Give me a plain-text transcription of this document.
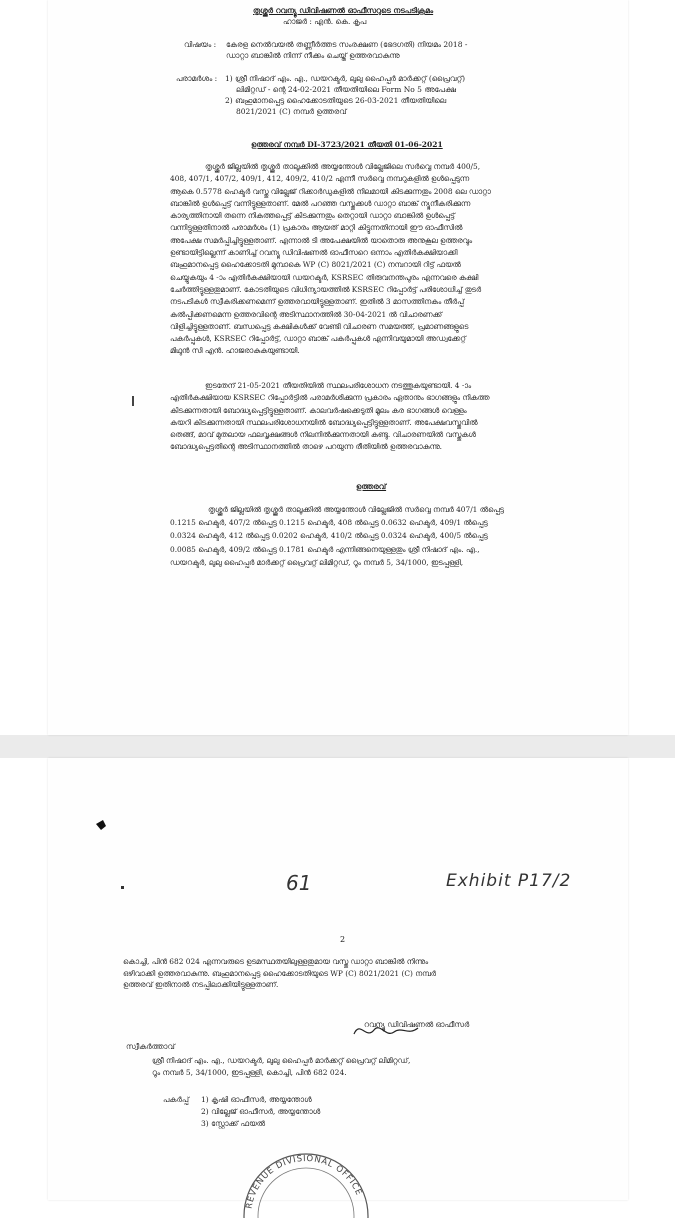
തൃശ്ശൂർ റവന്യൂ ഡിവിഷണൽ ഓഫീസറുടെ നടപടിക്രമം
ഹാജർ : എൻ. കെ. കൃപ
വിഷയം : കേരള നെൽവയൽ തണ്ണീർത്തട സംരക്ഷണ (ഭേദഗതി) നിയമം 2018 -
ഡാറ്റാ ബാങ്കിൽ നിന്ന് നീക്കം ചെയ്ത് ഉത്തരവാകുന്നു
പരാമർശം : 1) ശ്രീ നിഷാദ് എം. എ., ഡയറക്ടർ, ലുലു ഹൈപ്പർ മാർക്കറ്റ് (പ്രൈവറ്റ്)
ലിമിറ്റഡ് - ന്റെ 24-02-2021 തീയതിയിലെ Form No 5 അപേക്ഷ
2) ബഹുമാനപ്പെട്ട ഹൈക്കോടതിയുടെ 26-03-2021 തീയതിയിലെ
8021/2021 (C) നമ്പർ ഉത്തരവ്
ഉത്തരവ് നമ്പർ DI-3723/2021 തീയതി 01-06-2021
തൃശ്ശൂർ ജില്ലയിൽ തൃശ്ശൂർ താലൂക്കിൽ അയ്യന്തോൾ വില്ലേജിലെ സർവ്വെ നമ്പർ 400/5,
408, 407/1, 407/2, 409/1, 412, 409/2, 410/2 എന്നീ സർവ്വെ നമ്പറുകളിൽ ഉൾപ്പെടുന്ന
ആകെ 0.5778 ഹെക്ടർ വസ്തു വില്ലേജ് റിക്കാർഡുകളിൽ നിലമായി കിടക്കുന്നതും 2008 ലെ ഡാറ്റാ
ബാങ്കിൽ ഉൾപ്പെട്ട് വന്നിട്ടുള്ളതാണ്. മേൽ പറഞ്ഞ വസ്തുക്കൾ ഡാറ്റാ ബാങ്ക് ന്യൂനീകരിക്കുന്ന
കാര്യത്തിനായി തന്നെ നികത്തപ്പെട്ട് കിടക്കുന്നതും തെറ്റായി ഡാറ്റാ ബാങ്കിൽ ഉൾപ്പെട്ട്
വന്നിട്ടുള്ളതിനാൽ പരാമർശം (1) പ്രകാരം ആയത് മാറ്റി കിട്ടുന്നതിനായി ഈ ഓഫീസിൽ
അപേക്ഷ സമർപ്പിച്ചിട്ടുള്ളതാണ്. എന്നാൽ ടി അപേക്ഷയിൽ യാതൊരു അനുകൂല ഉത്തരവും
ഉണ്ടായിട്ടില്ലെന്ന് കാണിച്ച് റവന്യൂ ഡിവിഷണൽ ഓഫീസറെ ഒന്നാം എതിർകക്ഷിയാക്കി
ബഹുമാനപ്പെട്ട ഹൈക്കോടതി മുമ്പാകെ WP (C) 8021/2021 (C) നമ്പറായി റിട്ട് ഫയൽ
ചെയ്യുകയും 4 -ാം എതിർകക്ഷിയായി ഡയറക്ടർ, KSRSEC തിരുവനന്തപുരം എന്നവരെ കക്ഷി
ചേർത്തിട്ടുള്ളതുമാണ്. കോടതിയുടെ വിധിന്യായത്തിൽ KSRSEC റിപ്പോർട്ട് പരിശോധിച്ച് തുടർ
നടപടികൾ സ്വീകരിക്കണമെന്ന് ഉത്തരവായിട്ടുള്ളതാണ്. ഇതിൽ 3 മാസത്തിനകം തീർപ്പ്
കൽപ്പിക്കണമെന്ന ഉത്തരവിന്റെ അടിസ്ഥാനത്തിൽ 30-04-2021 ൽ വിചാരണക്ക്
വിളിച്ചിട്ടുള്ളതാണ്. ബന്ധപ്പെട്ട കക്ഷികൾക്ക് വേണ്ടി വിചാരണ സമയത്ത്, പ്രമാണങ്ങളുടെ
പകർപ്പുകൾ, KSRSEC റിപ്പോർട്ട്, ഡാറ്റാ ബാങ്ക് പകർപ്പുകൾ എന്നിവയുമായി അഡ്വക്കേറ്റ്
മിഥുൻ സി എൻ. ഹാജരാകുകയുണ്ടായി.
ഇടതേന് 21-05-2021 തീയതിയിൽ സ്ഥലപരിശോധന നടത്തുകയുണ്ടായി. 4 -ാം
എതിർകക്ഷിയായ KSRSEC റിപ്പോർട്ടിൽ പരാമർശിക്കുന്ന പ്രകാരം ഏതാനും ഭാഗങ്ങളും നികത്ത
കിടക്കുന്നതായി ബോദ്ധ്യപ്പെട്ടിട്ടുള്ളതാണ്. കാലവർഷക്കെടുതി മൂലം കര ഭാഗങ്ങൾ വെള്ളം
കയറി കിടക്കുന്നതായി സ്ഥലപരിശോധനയിൽ ബോദ്ധ്യപ്പെട്ടിട്ടുള്ളതാണ്. അപേക്ഷവസ്തുവിൽ
തെങ്ങ്, മാവ് മുതലായ ഫലവൃക്ഷങ്ങൾ നിലനിൽക്കുന്നതായി കണ്ടു. വിചാരണയിൽ വസ്തുകൾ
ബോദ്ധ്യപ്പെട്ടതിന്റെ അടിസ്ഥാനത്തിൽ താഴെ പറയുന്ന രീതിയിൽ ഉത്തരവാകുന്നു.
ഉത്തരവ്
തൃശ്ശൂർ ജില്ലയിൽ തൃശ്ശൂർ താലൂക്കിൽ അയ്യന്തോൾ വില്ലേജിൽ സർവ്വെ നമ്പർ 407/1 ൽപ്പെട്ട
0.1215 ഹെക്ടർ, 407/2 ൽപ്പെട്ട 0.1215 ഹെക്ടർ, 408 ൽപ്പെട്ട 0.0632 ഹെക്ടർ, 409/1 ൽപ്പെട്ട
0.0324 ഹെക്ടർ, 412 ൽപ്പെട്ട 0.0202 ഹെക്ടർ, 410/2 ൽപ്പെട്ട 0.0324 ഹെക്ടർ, 400/5 ൽപ്പെട്ട
0.0085 ഹെക്ടർ, 409/2 ൽപ്പെട്ട 0.1781 ഹെക്ടർ എന്നിങ്ങനെയുള്ളതും ശ്രീ നിഷാദ് എം. എ.,
ഡയറക്ടർ, ലുലു ഹൈപ്പർ മാർക്കറ്റ് പ്രൈവറ്റ് ലിമിറ്റഡ്, റൂം നമ്പർ 5, 34/1000, ഇടപ്പള്ളി,
61	Exhibit P17/2
2
കൊച്ചി, പിൻ 682 024 എന്നവരുടെ ഉടമസ്ഥതയിലുള്ളതുമായ വസ്തു ഡാറ്റാ ബാങ്കിൽ നിന്നും
ഒഴിവാക്കി ഉത്തരവാകുന്നു. ബഹുമാനപ്പെട്ട ഹൈക്കോടതിയുടെ WP (C) 8021/2021 (C) നമ്പർ
ഉത്തരവ് ഇതിനാൽ നടപ്പിലാക്കിയിട്ടുള്ളതാണ്.
റവന്യൂ ഡിവിഷണൽ ഓഫീസർ
സ്വീകർത്താവ്
ശ്രീ നിഷാദ് എം. എ., ഡയറക്ടർ, ലുലു ഹൈപ്പർ മാർക്കറ്റ് പ്രൈവറ്റ് ലിമിറ്റഡ്,
റൂം നമ്പർ 5, 34/1000, ഇടപ്പള്ളി, കൊച്ചി, പിൻ 682 024.
പകർപ്പ് 1) കൃഷി ഓഫീസർ, അയ്യന്തോൾ
2) വില്ലേജ് ഓഫീസർ, അയ്യന്തോൾ
3) സ്റ്റോക്ക് ഫയൽ
REVENUE DIVISIONAL OFFICE
